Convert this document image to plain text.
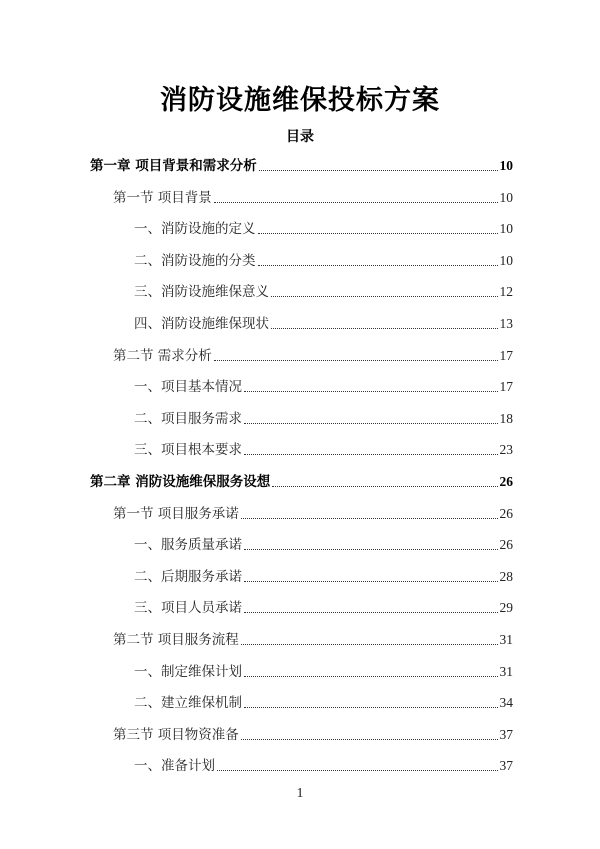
消防设施维保投标方案
目录
第一章 项目背景和需求分析	10
第一节 项目背景	10
一、消防设施的定义	10
二、消防设施的分类	10
三、消防设施维保意义	12
四、消防设施维保现状	13
第二节 需求分析	17
一、项目基本情况	17
二、项目服务需求	18
三、项目根本要求	23
第二章 消防设施维保服务设想	26
第一节 项目服务承诺	26
一、服务质量承诺	26
二、后期服务承诺	28
三、项目人员承诺	29
第二节 项目服务流程	31
一、制定维保计划	31
二、建立维保机制	34
第三节 项目物资准备	37
一、准备计划	37
1
